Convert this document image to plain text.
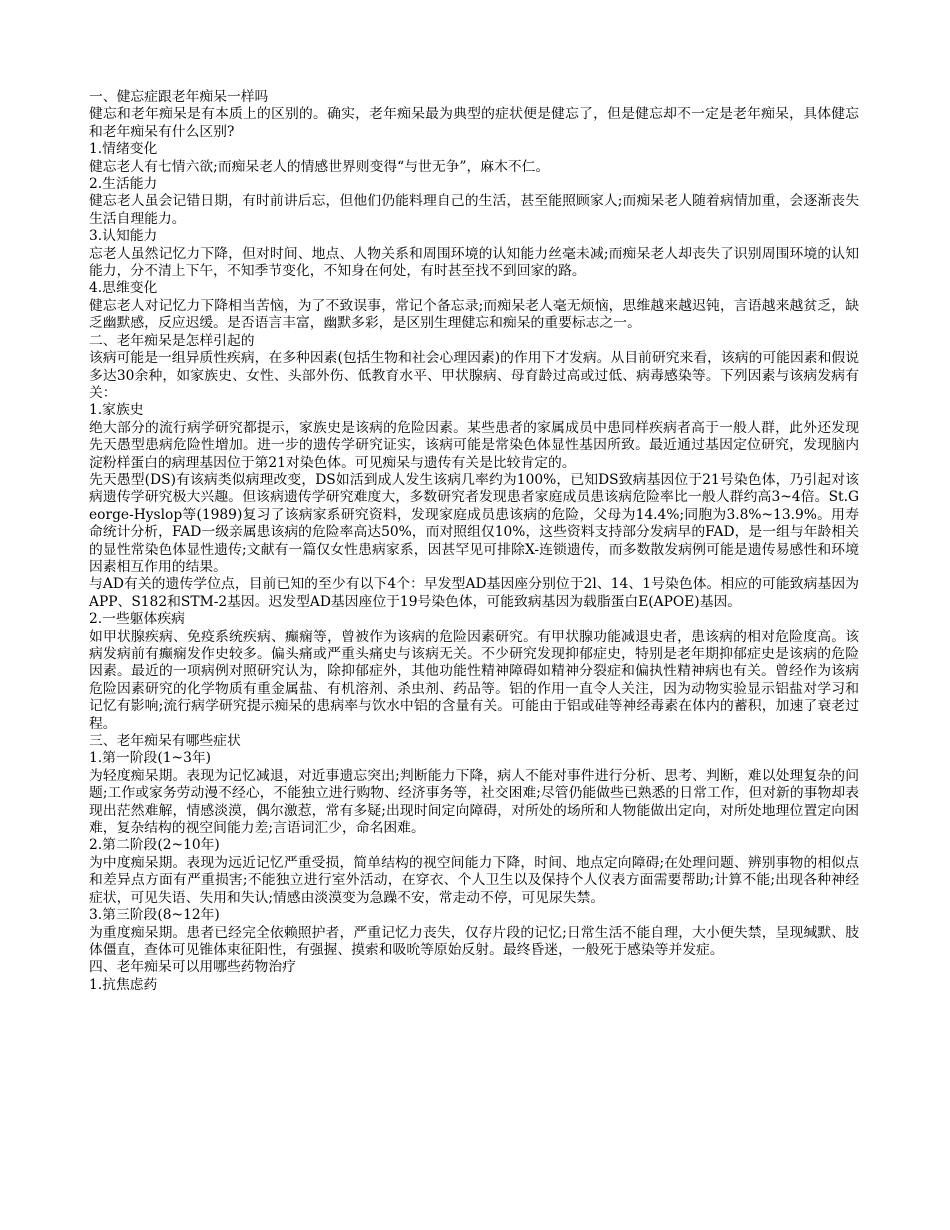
一、健忘症跟老年痴呆一样吗

健忘和老年痴呆是有本质上的区别的。确实，老年痴呆最为典型的症状便是健忘了，但是健忘却不一定是老年痴呆，具体健忘和老年痴呆有什么区别?

1.情绪变化

健忘老人有七情六欲;而痴呆老人的情感世界则变得“与世无争”，麻木不仁。

2.生活能力

健忘老人虽会记错日期，有时前讲后忘，但他们仍能料理自己的生活，甚至能照顾家人;而痴呆老人随着病情加重，会逐渐丧失生活自理能力。

3.认知能力

忘老人虽然记忆力下降，但对时间、地点、人物关系和周围环境的认知能力丝毫未减;而痴呆老人却丧失了识别周围环境的认知能力，分不清上下午，不知季节变化，不知身在何处，有时甚至找不到回家的路。

4.思维变化

健忘老人对记忆力下降相当苦恼，为了不致误事，常记个备忘录;而痴呆老人毫无烦恼，思维越来越迟钝，言语越来越贫乏，缺乏幽默感，反应迟缓。是否语言丰富，幽默多彩，是区别生理健忘和痴呆的重要标志之一。

二、老年痴呆是怎样引起的

该病可能是一组异质性疾病，在多种因素(包括生物和社会心理因素)的作用下才发病。从目前研究来看，该病的可能因素和假说多达30余种，如家族史、女性、头部外伤、低教育水平、甲状腺病、母育龄过高或过低、病毒感染等。下列因素与该病发病有关：

1.家族史

绝大部分的流行病学研究都提示，家族史是该病的危险因素。某些患者的家属成员中患同样疾病者高于一般人群，此外还发现先天愚型患病危险性增加。进一步的遗传学研究证实，该病可能是常染色体显性基因所致。最近通过基因定位研究，发现脑内淀粉样蛋白的病理基因位于第21对染色体。可见痴呆与遗传有关是比较肯定的。

先天愚型(DS)有该病类似病理改变，DS如活到成人发生该病几率约为100%，已知DS致病基因位于21号染色体，乃引起对该病遗传学研究极大兴趣。但该病遗传学研究难度大，多数研究者发现患者家庭成员患该病危险率比一般人群约高3~4倍。St.George-Hyslop等(1989)复习了该病家系研究资料，发现家庭成员患该病的危险，父母为14.4%;同胞为3.8%~13.9%。用寿命统计分析，FAD一级亲属患该病的危险率高达50%，而对照组仅10%，这些资料支持部分发病早的FAD，是一组与年龄相关的显性常染色体显性遗传;文献有一篇仅女性患病家系，因甚罕见可排除X-连锁遗传，而多数散发病例可能是遗传易感性和环境因素相互作用的结果。

与AD有关的遗传学位点，目前已知的至少有以下4个：早发型AD基因座分别位于2l、14、1号染色体。相应的可能致病基因为APP、S182和STM-2基因。迟发型AD基因座位于19号染色体，可能致病基因为载脂蛋白E(APOE)基因。

2.一些躯体疾病

如甲状腺疾病、免疫系统疾病、癫痫等，曾被作为该病的危险因素研究。有甲状腺功能减退史者，患该病的相对危险度高。该病发病前有癫痫发作史较多。偏头痛或严重头痛史与该病无关。不少研究发现抑郁症史，特别是老年期抑郁症史是该病的危险因素。最近的一项病例对照研究认为，除抑郁症外，其他功能性精神障碍如精神分裂症和偏执性精神病也有关。曾经作为该病危险因素研究的化学物质有重金属盐、有机溶剂、杀虫剂、药品等。铝的作用一直令人关注，因为动物实验显示铝盐对学习和记忆有影响;流行病学研究提示痴呆的患病率与饮水中铝的含量有关。可能由于铝或硅等神经毒素在体内的蓄积，加速了衰老过程。

三、老年痴呆有哪些症状

1.第一阶段(1~3年)

为轻度痴呆期。表现为记忆减退，对近事遗忘突出;判断能力下降，病人不能对事件进行分析、思考、判断，难以处理复杂的问题;工作或家务劳动漫不经心，不能独立进行购物、经济事务等，社交困难;尽管仍能做些已熟悉的日常工作，但对新的事物却表现出茫然难解，情感淡漠，偶尔激惹，常有多疑;出现时间定向障碍，对所处的场所和人物能做出定向，对所处地理位置定向困难，复杂结构的视空间能力差;言语词汇少，命名困难。

2.第二阶段(2~10年)

为中度痴呆期。表现为远近记忆严重受损，简单结构的视空间能力下降，时间、地点定向障碍;在处理问题、辨别事物的相似点和差异点方面有严重损害;不能独立进行室外活动，在穿衣、个人卫生以及保持个人仪表方面需要帮助;计算不能;出现各种神经症状，可见失语、失用和失认;情感由淡漠变为急躁不安，常走动不停，可见尿失禁。

3.第三阶段(8~12年)

为重度痴呆期。患者已经完全依赖照护者，严重记忆力丧失，仅存片段的记忆;日常生活不能自理，大小便失禁，呈现缄默、肢体僵直，查体可见锥体束征阳性，有强握、摸索和吸吮等原始反射。最终昏迷，一般死于感染等并发症。

四、老年痴呆可以用哪些药物治疗

1.抗焦虑药
